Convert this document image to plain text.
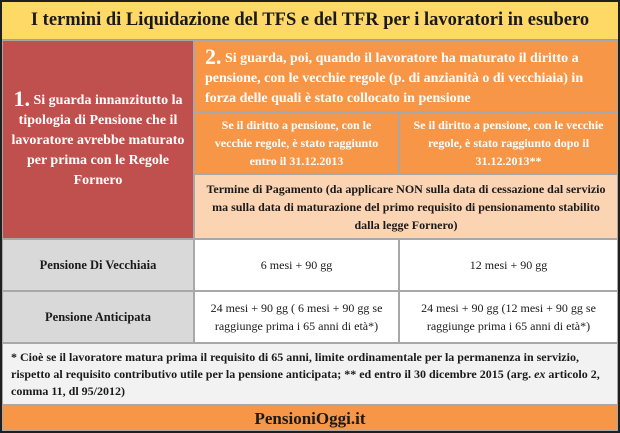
I termini di Liquidazione del TFS e del TFR per i lavoratori in esubero
1. Si guarda innanzitutto la tipologia di Pensione che il lavoratore avrebbe maturato per prima con le Regole Fornero
2. Si guarda, poi, quando il lavoratore ha maturato il diritto a pensione, con le vecchie regole (p. di anzianità o di vecchiaia) in forza delle quali è stato collocato in pensione
Se il diritto a pensione, con le vecchie regole, è stato raggiunto entro il 31.12.2013
Se il diritto a pensione, con le vecchie regole, è stato raggiunto dopo il 31.12.2013**
Termine di Pagamento (da applicare NON sulla data di cessazione dal servizio ma sulla data di maturazione del primo requisito di pensionamento stabilito dalla legge Fornero)
Pensione Di Vecchiaia	6 mesi + 90 gg	12 mesi + 90 gg
Pensione Anticipata
24 mesi + 90 gg ( 6 mesi + 90 gg se raggiunge prima i 65 anni di età*)
24 mesi + 90 gg (12 mesi + 90 gg se raggiunge prima i 65 anni di età*)
* Cioè se il lavoratore matura prima il requisito di 65 anni, limite ordinamentale per la permanenza in servizio, rispetto al requisito contributivo utile per la pensione anticipata; ** ed entro il 30 dicembre 2015 (arg. ex articolo 2, comma 11, dl 95/2012)
PensioniOggi.it
